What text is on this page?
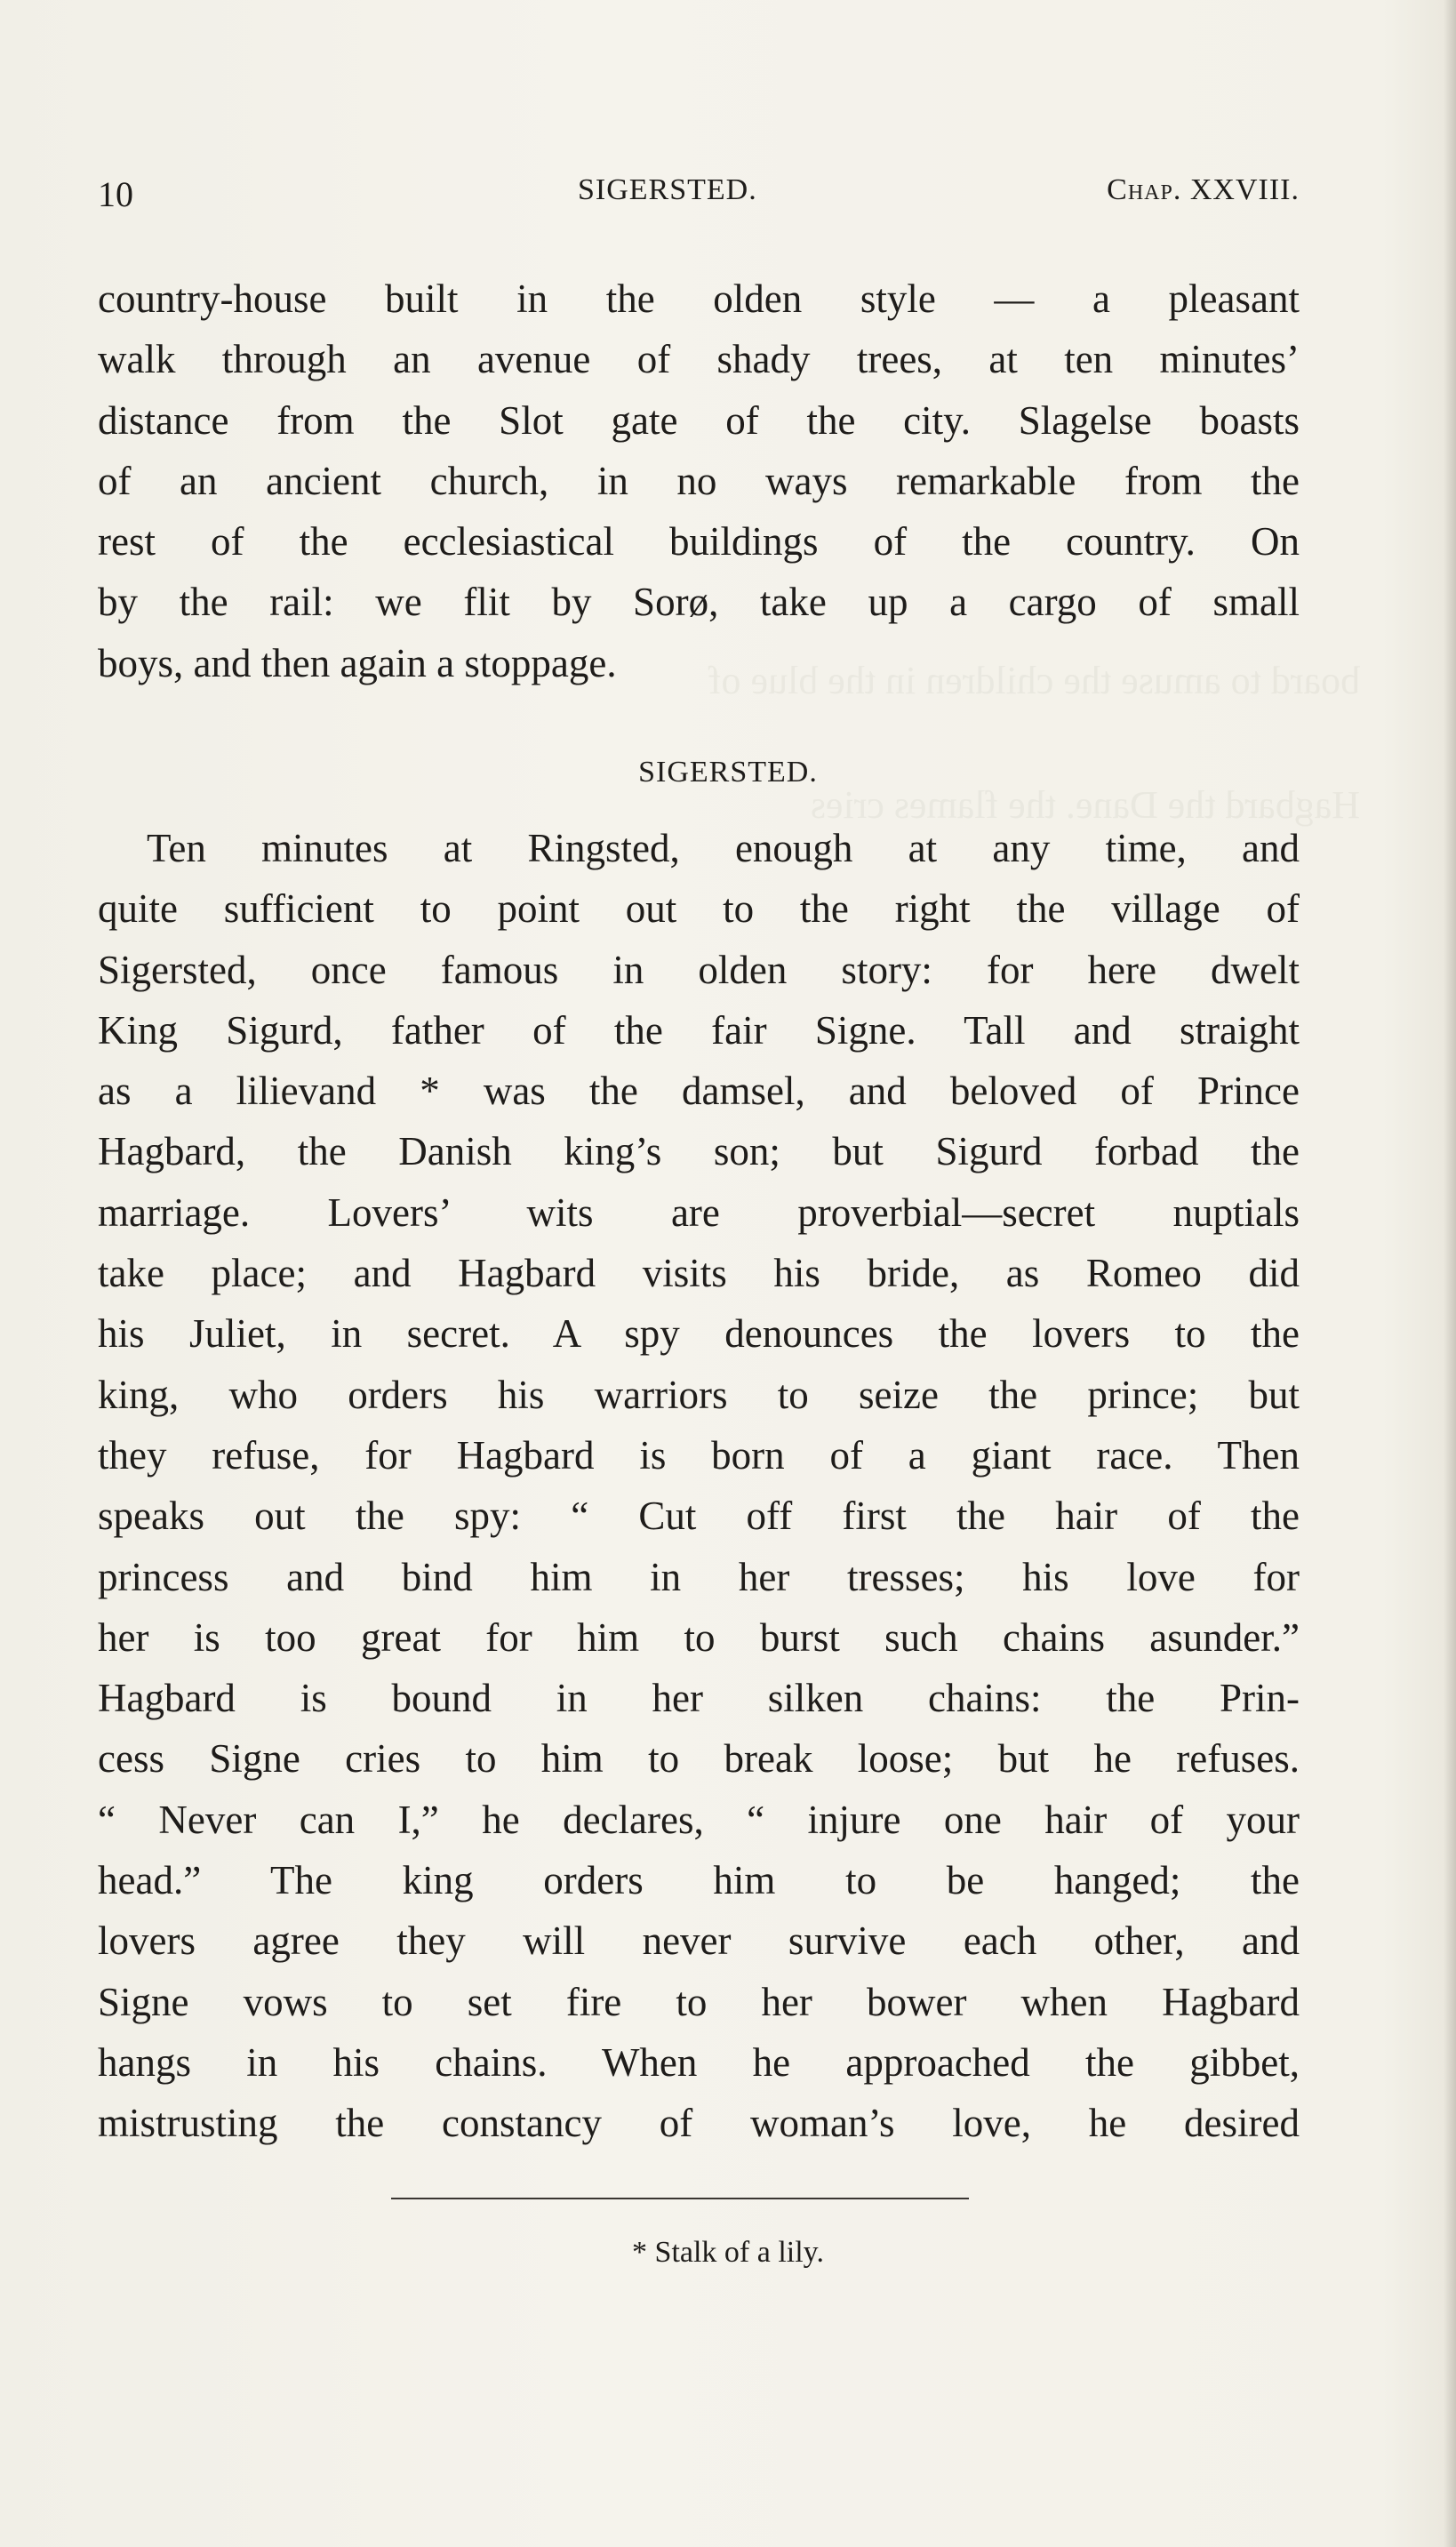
board to amuse the children in the blue of
Hagbard the Dane. the flames cries
10	SIGERSTED.	Chap. XXVIII.
country-house built in the olden style — a pleasant
walk through an avenue of shady trees, at ten minutes’
distance from the Slot gate of the city. Slagelse boasts
of an ancient church, in no ways remarkable from the
rest of the ecclesiastical buildings of the country. On
by the rail: we flit by Sorø, take up a cargo of small
boys, and then again a stoppage.
SIGERSTED.
Ten minutes at Ringsted, enough at any time, and
quite sufficient to point out to the right the village of
Sigersted, once famous in olden story: for here dwelt
King Sigurd, father of the fair Signe. Tall and straight
as a lilievand * was the damsel, and beloved of Prince
Hagbard, the Danish king’s son; but Sigurd forbad the
marriage. Lovers’ wits are proverbial—secret nuptials
take place; and Hagbard visits his bride, as Romeo did
his Juliet, in secret. A spy denounces the lovers to the
king, who orders his warriors to seize the prince; but
they refuse, for Hagbard is born of a giant race. Then
speaks out the spy: “ Cut off first the hair of the
princess and bind him in her tresses; his love for
her is too great for him to burst such chains asunder.”
Hagbard is bound in her silken chains: the Prin-
cess Signe cries to him to break loose; but he refuses.
“ Never can I,” he declares, “ injure one hair of your
head.” The king orders him to be hanged; the
lovers agree they will never survive each other, and
Signe vows to set fire to her bower when Hagbard
hangs in his chains. When he approached the gibbet,
mistrusting the constancy of woman’s love, he desired
* Stalk of a lily.
